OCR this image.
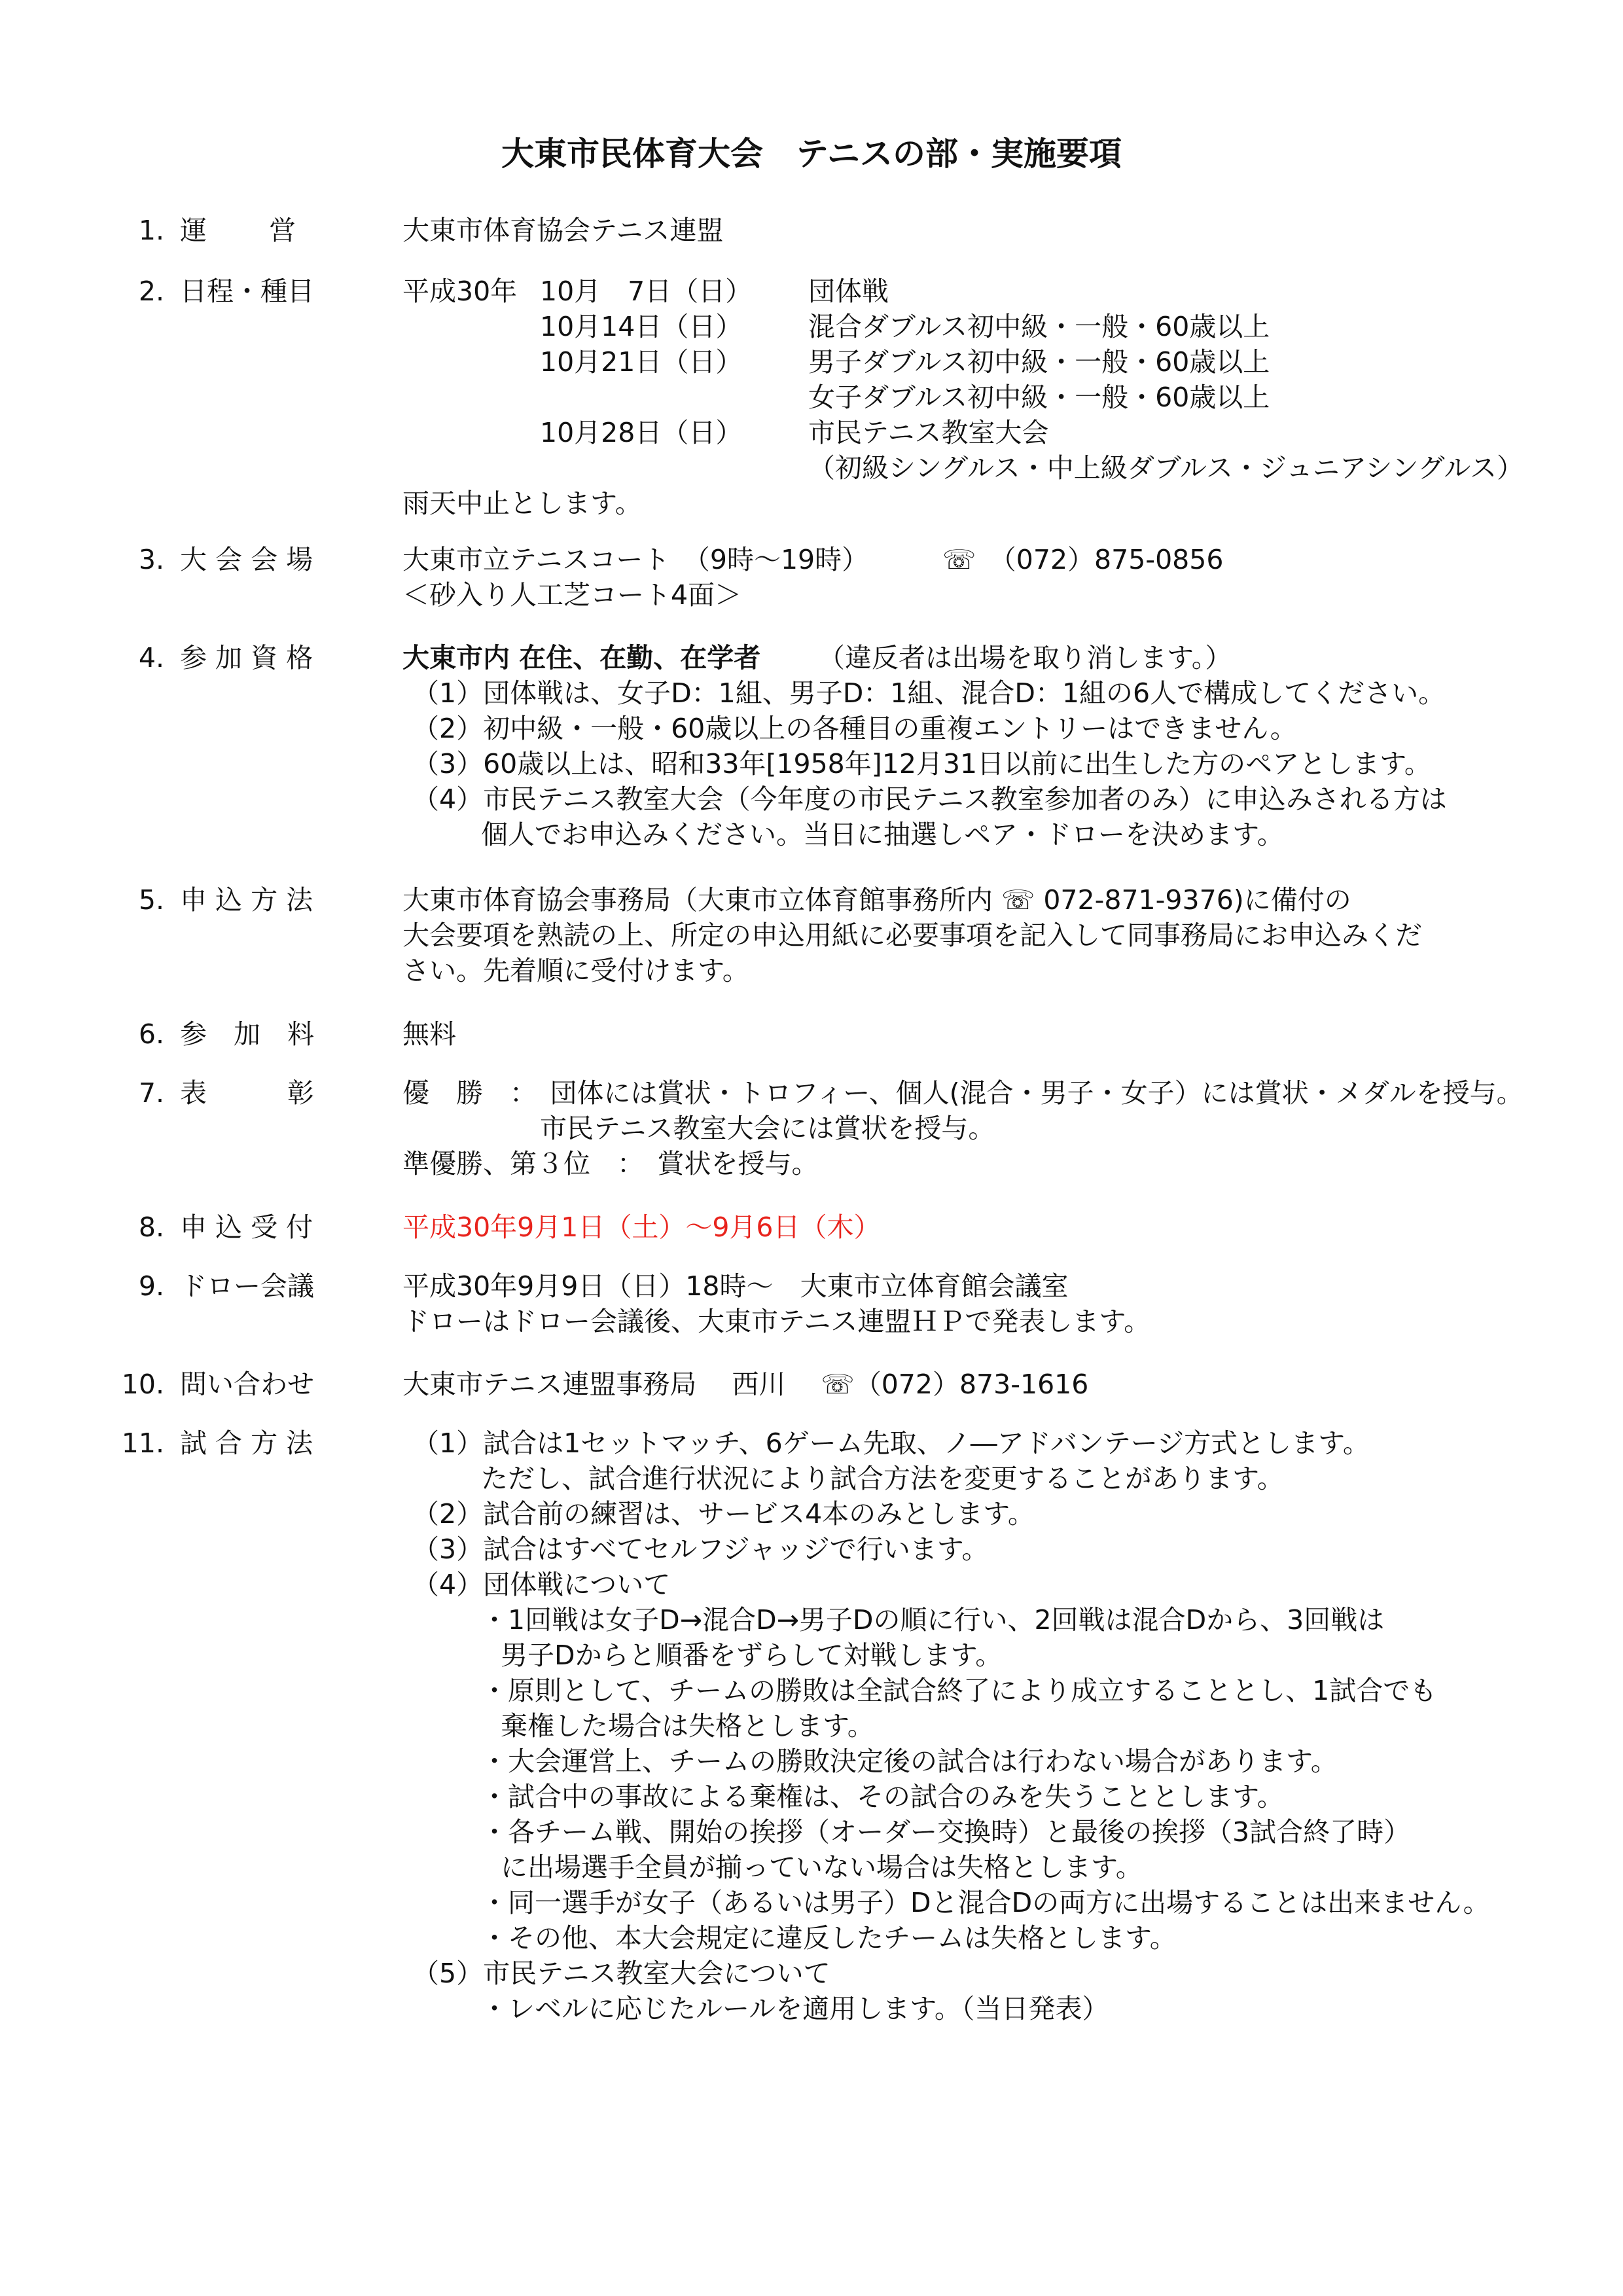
大東市民体育大会　テニスの部・実施要項
1. 運　　 営	大東市体育協会テニス連盟
2. 日程・種目	平成30年 10月　7日（日） 団体戦
10月14日（日） 混合ダブルス初中級・一般・60歳以上
10月21日（日） 男子ダブルス初中級・一般・60歳以上
女子ダブルス初中級・一般・60歳以上
10月28日（日） 市民テニス教室大会
（初級シングルス・中上級ダブルス・ジュニアシングルス）
雨天中止とします。
3. 大 会 会 場	大東市立テニスコート　（9時～19時）	☏　（072）875-0856
＜砂入り人工芝コート4面＞
4. 参 加 資 格	大東市内 在住、在勤、在学者 （違反者は出場を取り消します。）
（1）団体戦は、女子D：1組、男子D：1組、混合D：1組の6人で構成してください。
（2）初中級・一般・60歳以上の各種目の重複エントリーはできません。
（3）60歳以上は、昭和33年[1958年]12月31日以前に出生した方のペアとします。
（4）市民テニス教室大会（今年度の市民テニス教室参加者のみ）に申込みされる方は
個人でお申込みください。当日に抽選しペア・ドローを決めます。
5. 申 込 方 法	大東市体育協会事務局（大東市立体育館事務所内 ☏ 072-871-9376)に備付の
大会要項を熟読の上、所定の申込用紙に必要事項を記入して同事務局にお申込みくだ
さい。先着順に受付けます。
6. 参　加　料	無料
7. 表　　　彰	優　勝　：　団体には賞状・トロフィー、個人(混合・男子・女子）には賞状・メダルを授与。
市民テニス教室大会には賞状を授与。
準優勝、第３位　：　賞状を授与。
8. 申 込 受 付	平成30年9月1日（土）～9月6日（木）
9. ドロー会議	平成30年9月9日（日）18時～　大東市立体育館会議室
ドローはドロー会議後、大東市テニス連盟ＨＰで発表します。
10. 問い合わせ	大東市テニス連盟事務局　 西川　 ☏（072）873-1616
11. 試 合 方 法	（1）試合は1セットマッチ、6ゲーム先取、ノ―アドバンテージ方式とします。
ただし、試合進行状況により試合方法を変更することがあります。
（2）試合前の練習は、サービス4本のみとします。
（3）試合はすべてセルフジャッジで行います。
（4）団体戦について
・1回戦は女子D→混合D→男子Dの順に行い、2回戦は混合Dから、3回戦は
男子Dからと順番をずらして対戦します。
・原則として、チームの勝敗は全試合終了により成立することとし、1試合でも
棄権した場合は失格とします。
・大会運営上、チームの勝敗決定後の試合は行わない場合があります。
・試合中の事故による棄権は、その試合のみを失うこととします。
・各チーム戦、開始の挨拶（オーダー交換時）と最後の挨拶（3試合終了時）
に出場選手全員が揃っていない場合は失格とします。
・同一選手が女子（あるいは男子）Dと混合Dの両方に出場することは出来ません。
・その他、本大会規定に違反したチームは失格とします。
（5）市民テニス教室大会について
・レベルに応じたルールを適用します。（当日発表）
